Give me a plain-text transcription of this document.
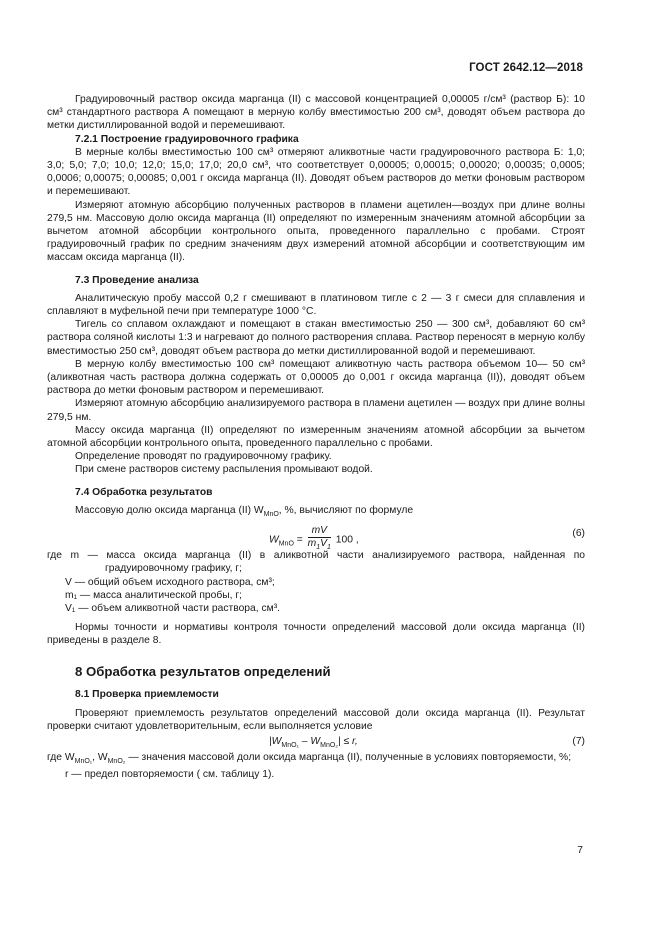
ГОСТ 2642.12—2018

Градуировочный раствор оксида марганца (II) с массовой концентрацией 0,00005 г/см³ (раствор Б): 10 см³ стандартного раствора А помещают в мерную колбу вместимостью 200 см³, доводят объем раствора до метки дистиллированной водой и перемешивают.

7.2.1 Построение градуировочного графика

В мерные колбы вместимостью 100 см³ отмеряют аликвотные части градуировочного раствора Б: 1,0; 3,0; 5,0; 7,0; 10,0; 12,0; 15,0; 17,0; 20,0 см³, что соответствует 0,00005; 0,00015; 0,00020; 0,00035; 0,0005; 0,0006; 0,00075; 0,00085; 0,001 г оксида марганца (II). Доводят объем растворов до метки фоновым раствором и перемешивают.

Измеряют атомную абсорбцию полученных растворов в пламени ацетилен—воздух при длине волны 279,5 нм. Массовую долю оксида марганца (II) определяют по измеренным значениям атомной абсорбции за вычетом атомной абсорбции контрольного опыта, проведенного параллельно с пробами. Строят градуировочный график по средним значениям двух измерений атомной абсорбции и соответствующим им массам оксида марганца (II).

7.3 Проведение анализа

Аналитическую пробу массой 0,2 г смешивают в платиновом тигле с 2 — 3 г смеси для сплавления и сплавляют в муфельной печи при температуре 1000 °С.

Тигель со сплавом охлаждают и помещают в стакан вместимостью 250 — 300 см³, добавляют 60 см³ раствора соляной кислоты 1:3 и нагревают до полного растворения сплава. Раствор переносят в мерную колбу вместимостью 250 см³, доводят объем раствора до метки дистиллированной водой и перемешивают.

В мерную колбу вместимостью 100 см³ помещают аликвотную часть раствора объемом 10— 50 см³ (аликвотная часть раствора должна содержать от 0,00005 до 0,001 г оксида марганца (II)), доводят объем раствора до метки фоновым раствором и перемешивают.

Измеряют атомную абсорбцию анализируемого раствора в пламени ацетилен — воздух при длине волны 279,5 нм.

Массу оксида марганца (II) определяют по измеренным значениям атомной абсорбции за вычетом атомной абсорбции контрольного опыта, проведенного параллельно с пробами.

Определение проводят по градуировочному графику.

При смене растворов систему распыления промывают водой.

7.4 Обработка результатов

Массовую долю оксида марганца (II) $W_{MnO}$, %, вычисляют по формуле

$W_{MnO} = \frac{mV}{m_1V_1} 100$ ,
(6)

где m — масса оксида марганца (II) в аликвотной части анализируемого раствора, найденная по градуировочному графику, г;

V — общий объем исходного раствора, см³;

m₁ — масса аналитической пробы, г;

V₁ — объем аликвотной части раствора, см³.

Нормы точности и нормативы контроля точности определений массовой доли оксида марганца (II) приведены в разделе 8.

8 Обработка результатов определений

8.1 Проверка приемлемости

Проверяют приемлемость результатов определений массовой доли оксида марганца (II). Результат проверки считают удовлетворительным, если выполняется условие

$|W_{MnO_1} - W_{MnO_2}| \le r$,	(7)

где $W_{MnO_1}$, $W_{MnO_2}$ — значения массовой доли оксида марганца (II), полученные в условиях повторяемости, %;

r — предел повторяемости ( см. таблицу 1).

7
